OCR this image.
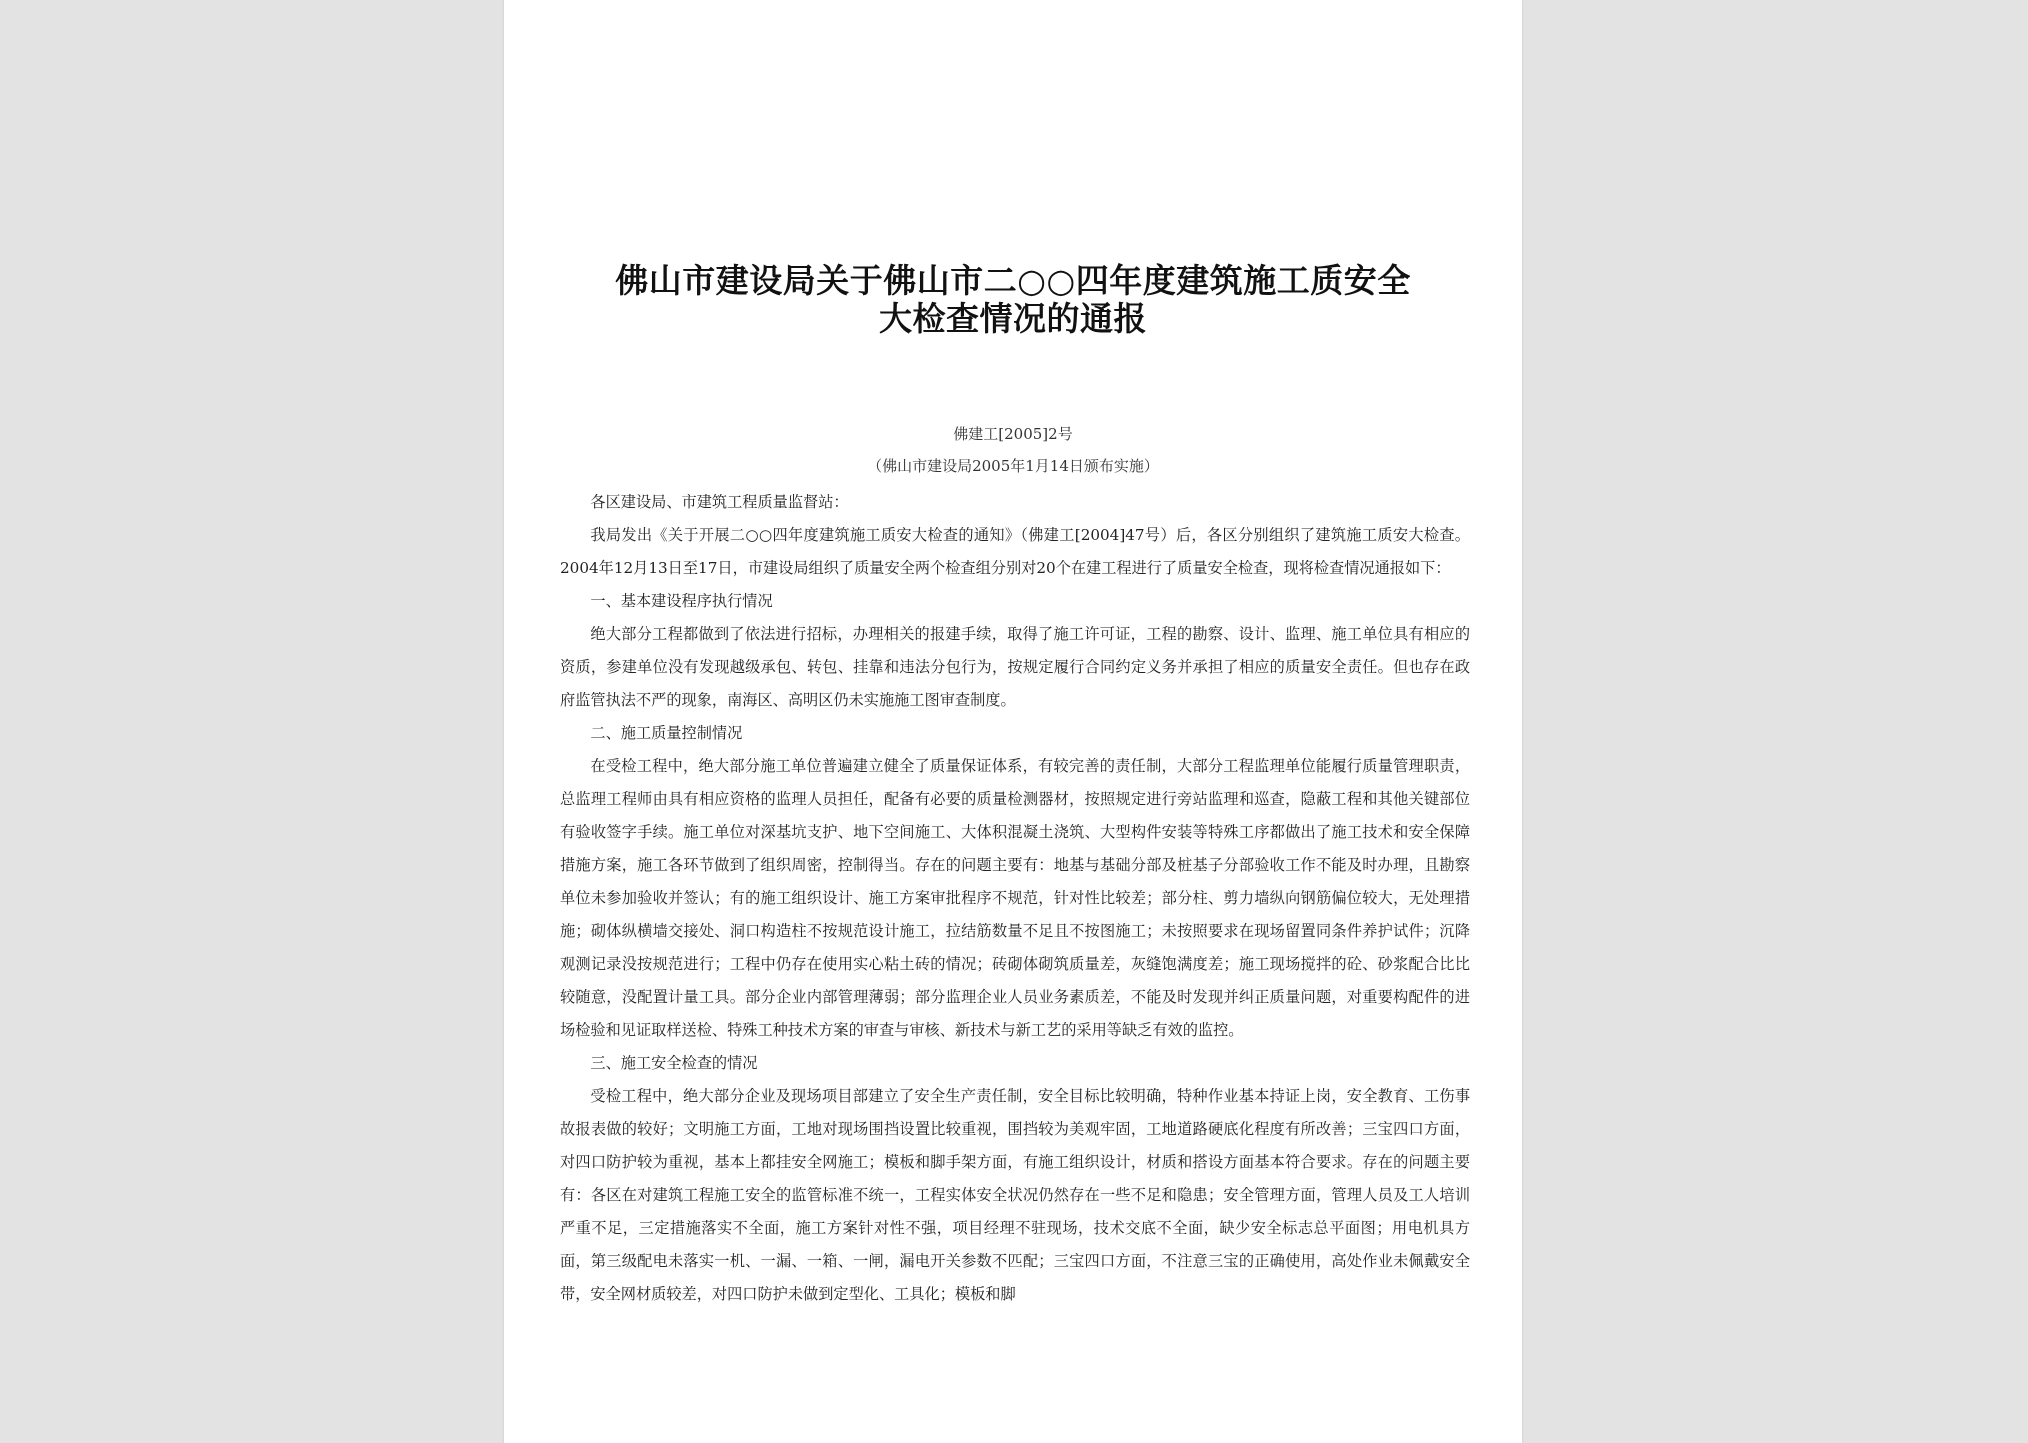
佛山市建设局关于佛山市二○○四年度建筑施工质安全
大检查情况的通报
佛建工[2005]2号
（佛山市建设局2005年1月14日颁布实施）

各区建设局、市建筑工程质量监督站：

我局发出《关于开展二○○四年度建筑施工质安大检查的通知》（佛建工[2004]47号）后，各区分别组织了建筑施工质安大检查。2004年12月13日至17日，市建设局组织了质量安全两个检查组分别对20个在建工程进行了质量安全检查，现将检查情况通报如下：

一、基本建设程序执行情况

绝大部分工程都做到了依法进行招标，办理相关的报建手续，取得了施工许可证，工程的勘察、设计、监理、施工单位具有相应的资质，参建单位没有发现越级承包、转包、挂靠和违法分包行为，按规定履行合同约定义务并承担了相应的质量安全责任。但也存在政府监管执法不严的现象，南海区、高明区仍未实施施工图审查制度。

二、施工质量控制情况

在受检工程中，绝大部分施工单位普遍建立健全了质量保证体系，有较完善的责任制，大部分工程监理单位能履行质量管理职责，总监理工程师由具有相应资格的监理人员担任，配备有必要的质量检测器材，按照规定进行旁站监理和巡查，隐蔽工程和其他关键部位有验收签字手续。施工单位对深基坑支护、地下空间施工、大体积混凝土浇筑、大型构件安装等特殊工序都做出了施工技术和安全保障措施方案，施工各环节做到了组织周密，控制得当。存在的问题主要有：地基与基础分部及桩基子分部验收工作不能及时办理，且勘察单位未参加验收并签认；有的施工组织设计、施工方案审批程序不规范，针对性比较差；部分柱、剪力墙纵向钢筋偏位较大，无处理措施；砌体纵横墙交接处、洞口构造柱不按规范设计施工，拉结筋数量不足且不按图施工；未按照要求在现场留置同条件养护试件；沉降观测记录没按规范进行；工程中仍存在使用实心粘土砖的情况；砖砌体砌筑质量差，灰缝饱满度差；施工现场搅拌的砼、砂浆配合比比较随意，没配置计量工具。部分企业内部管理薄弱；部分监理企业人员业务素质差，不能及时发现并纠正质量问题，对重要构配件的进场检验和见证取样送检、特殊工种技术方案的审查与审核、新技术与新工艺的采用等缺乏有效的监控。

三、施工安全检查的情况

受检工程中，绝大部分企业及现场项目部建立了安全生产责任制，安全目标比较明确，特种作业基本持证上岗，安全教育、工伤事故报表做的较好；文明施工方面，工地对现场围挡设置比较重视，围挡较为美观牢固，工地道路硬底化程度有所改善；三宝四口方面，对四口防护较为重视，基本上都挂安全网施工；模板和脚手架方面，有施工组织设计，材质和搭设方面基本符合要求。存在的问题主要有：各区在对建筑工程施工安全的监管标准不统一，工程实体安全状况仍然存在一些不足和隐患；安全管理方面，管理人员及工人培训严重不足，三定措施落实不全面，施工方案针对性不强，项目经理不驻现场，技术交底不全面，缺少安全标志总平面图；用电机具方面，第三级配电未落实一机、一漏、一箱、一闸，漏电开关参数不匹配；三宝四口方面，不注意三宝的正确使用，高处作业未佩戴安全带，安全网材质较差，对四口防护未做到定型化、工具化；模板和脚
